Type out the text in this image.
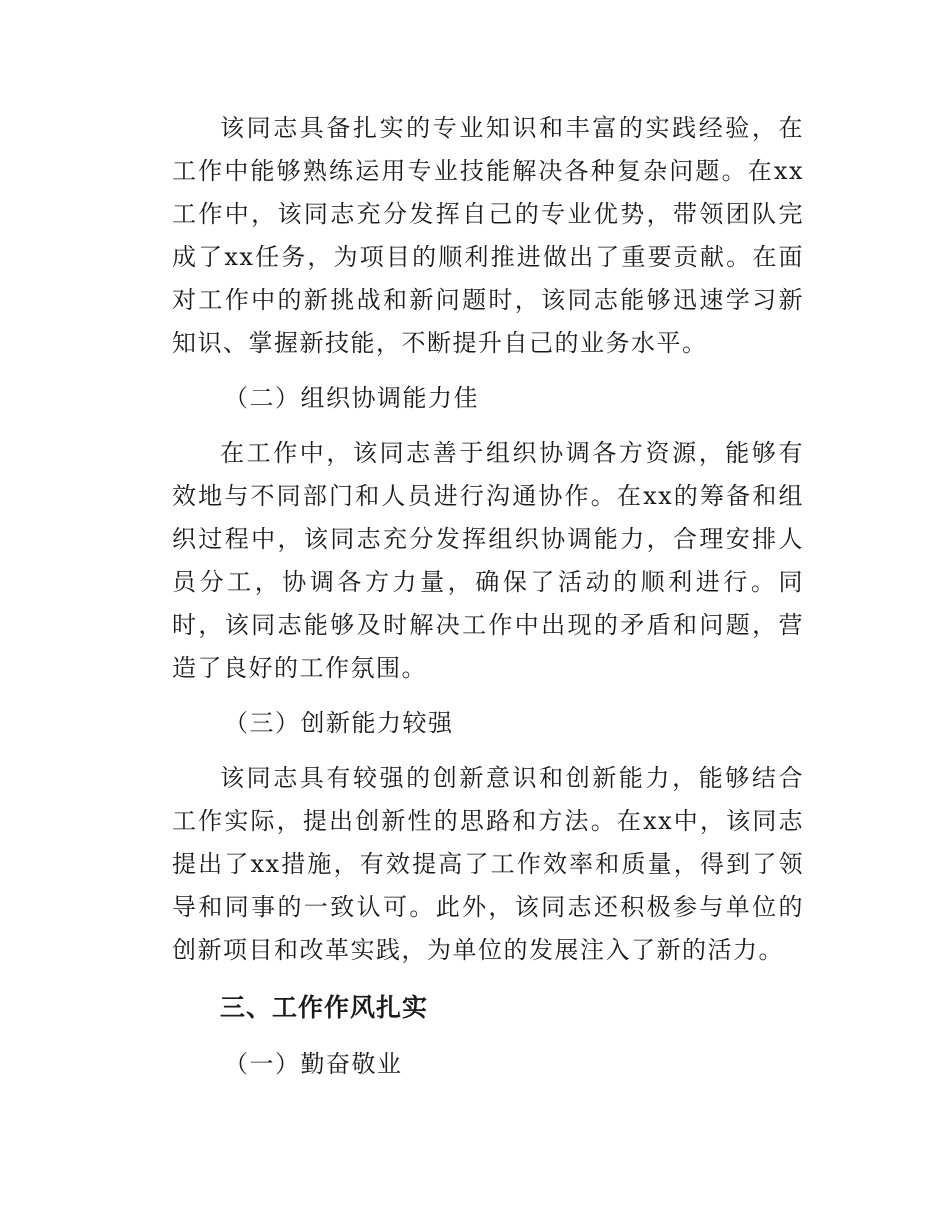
该同志具备扎实的专业知识和丰富的实践经验，在工作中能够熟练运用专业技能解决各种复杂问题。在xx工作中，该同志充分发挥自己的专业优势，带领团队完成了xx任务，为项目的顺利推进做出了重要贡献。在面对工作中的新挑战和新问题时，该同志能够迅速学习新知识、掌握新技能，不断提升自己的业务水平。

（二）组织协调能力佳

在工作中，该同志善于组织协调各方资源，能够有效地与不同部门和人员进行沟通协作。在xx的筹备和组织过程中，该同志充分发挥组织协调能力，合理安排人员分工，协调各方力量，确保了活动的顺利进行。同时，该同志能够及时解决工作中出现的矛盾和问题，营造了良好的工作氛围。

（三）创新能力较强

该同志具有较强的创新意识和创新能力，能够结合工作实际，提出创新性的思路和方法。在xx中，该同志提出了xx措施，有效提高了工作效率和质量，得到了领导和同事的一致认可。此外，该同志还积极参与单位的创新项目和改革实践，为单位的发展注入了新的活力。

三、工作作风扎实

（一）勤奋敬业
